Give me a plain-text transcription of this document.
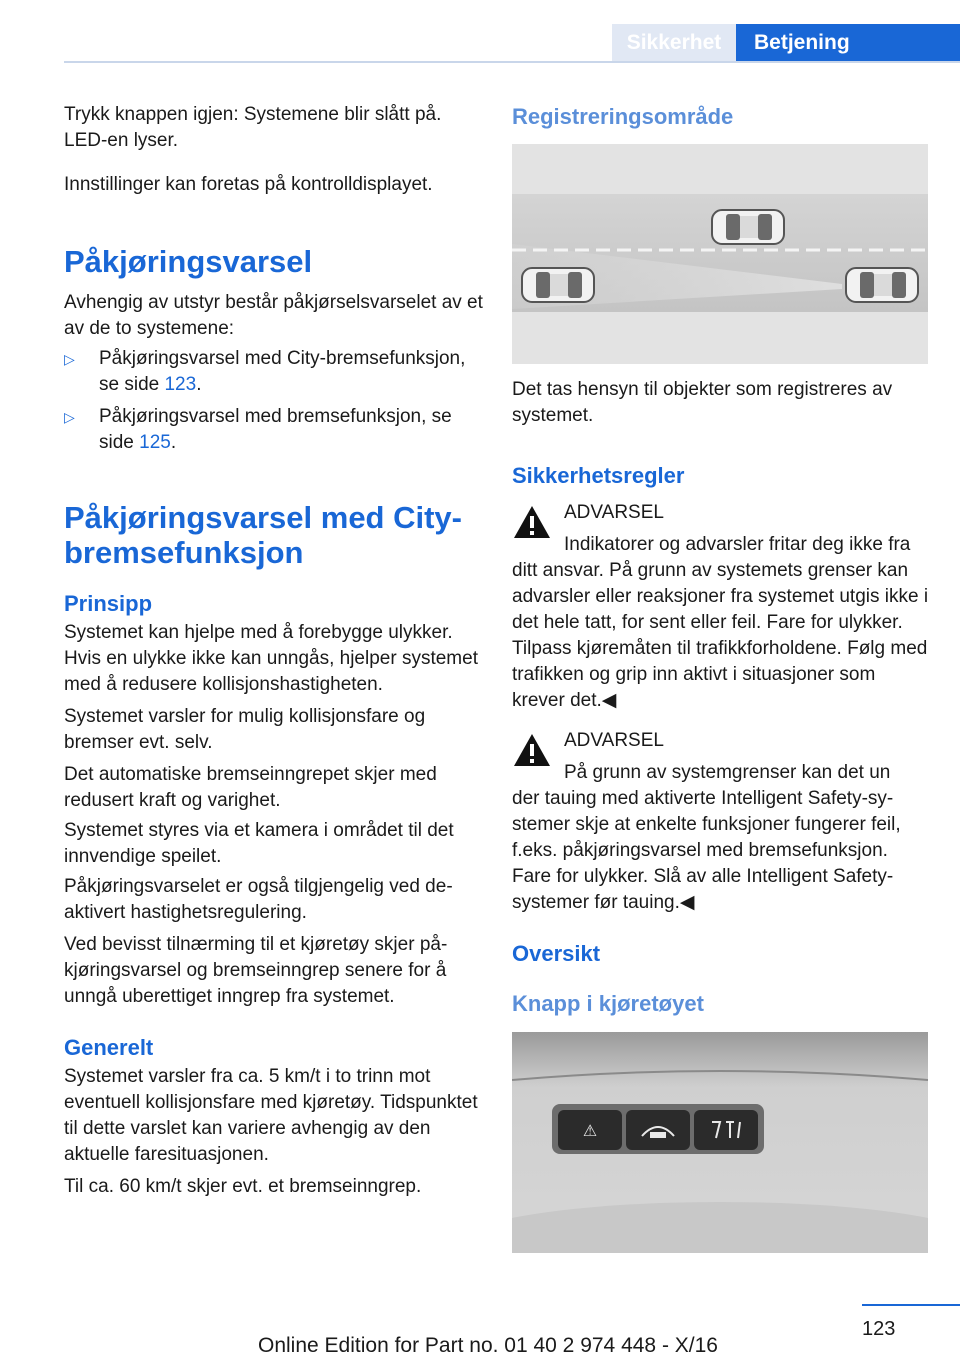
Sikkerhet	Betjening
Trykk knappen igjen: Systemene blir slått på. LED-en lyser.
Innstillinger kan foretas på kontrolldisplayet.
Påkjøringsvarsel
Avhengig av utstyr består påkjørselsvarselet av et av de to systemene:
▷ Påkjøringsvarsel med City-bremsefunksjon, se side 123.
▷ Påkjøringsvarsel med bremsefunksjon, se side 125.
Påkjøringsvarsel med City-bremsefunksjon
Prinsipp
Systemet kan hjelpe med å forebygge ulykker. Hvis en ulykke ikke kan unngås, hjelper systemet med å redusere kollisjonshastigheten.
Systemet varsler for mulig kollisjonsfare og bremser evt. selv.
Det automatiske bremseinngrepet skjer med redusert kraft og varighet.
Systemet styres via et kamera i området til det innvendige speilet.
Påkjøringsvarselet er også tilgjengelig ved deaktivert hastighetsregulering.
Ved bevisst tilnærming til et kjøretøy skjer påkjøringsvarsel og bremseinngrep senere for å unngå uberettiget inngrep fra systemet.
Generelt
Systemet varsler fra ca. 5 km/t i to trinn mot eventuell kollisjonsfare med kjøretøy. Tidspunktet til dette varslet kan variere avhengig av den aktuelle faresituasjonen.
Til ca. 60 km/t skjer evt. et bremseinngrep.
Registreringsområde
Det tas hensyn til objekter som registreres av systemet.
Sikkerhetsregler
ADVARSEL
Indikatorer og advarsler fritar deg ikke fra
ditt ansvar. På grunn av systemets grenser kan advarsler eller reaksjoner fra systemet utgis ikke i det hele tatt, for sent eller feil. Fare for ulykker. Tilpass kjøremåten til trafikkforholdene. Følg med trafikken og grip inn aktivt i situasjoner som krever det.◀
ADVARSEL
På grunn av systemgrenser kan det un
der tauing med aktiverte Intelligent Safety-systemer skje at enkelte funksjoner fungerer feil, f.eks. påkjøringsvarsel med bremsefunksjon. Fare for ulykker. Slå av alle Intelligent Safety-systemer før tauing.◀
Oversikt
Knapp i kjøretøyet
⚠
123
Online Edition for Part no. 01 40 2 974 448 - X/16
